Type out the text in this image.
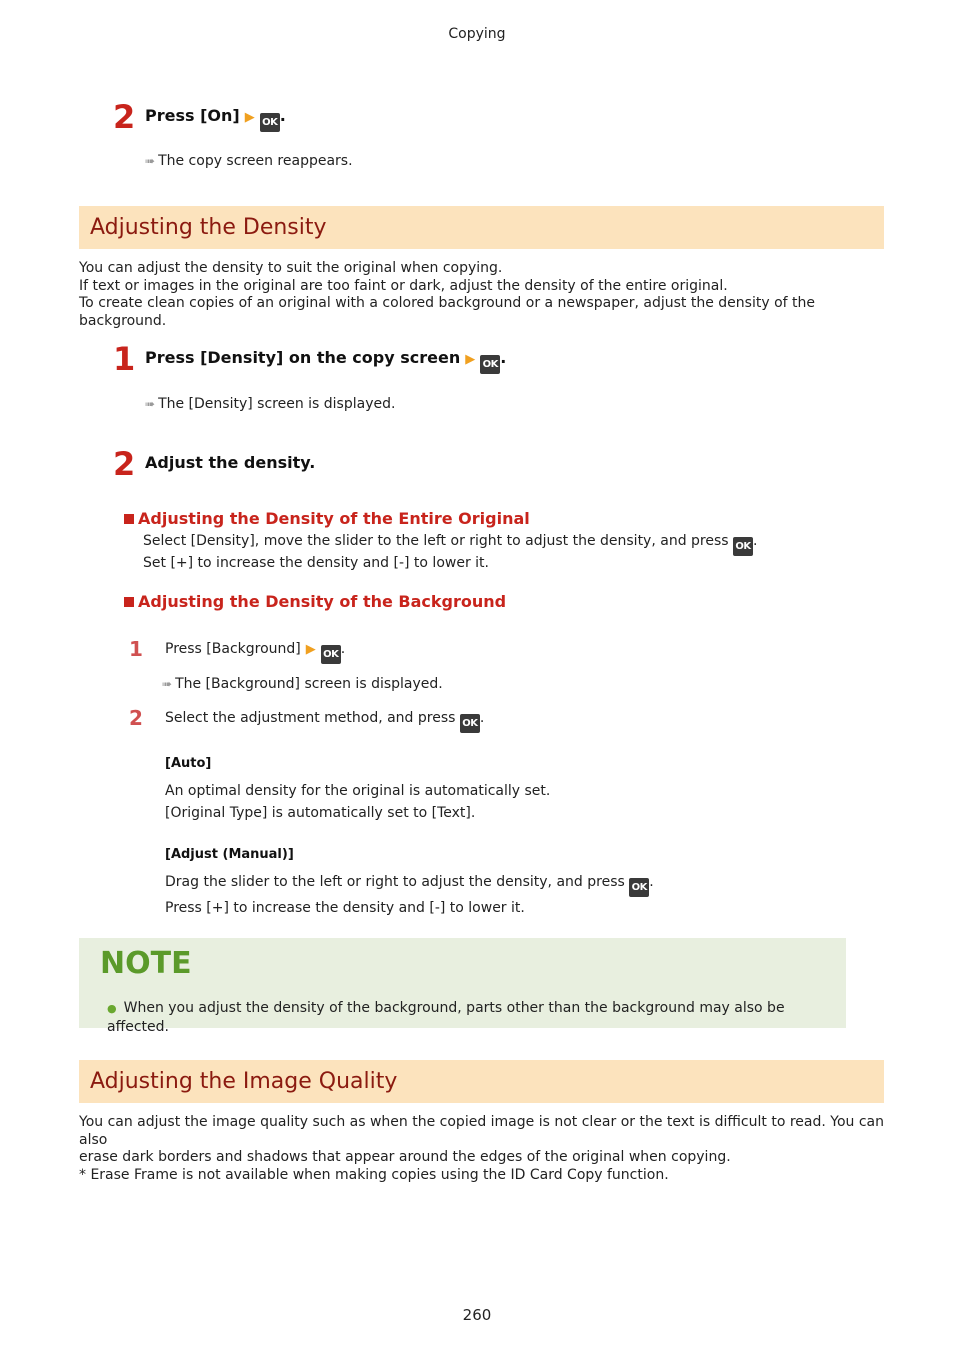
Copying
2 Press [On] ▶ OK .
➠ The copy screen reappears.
Adjusting the Density
You can adjust the density to suit the original when copying.
If text or images in the original are too faint or dark, adjust the density of the entire original.
To create clean copies of an original with a colored background or a newspaper, adjust the density of the background.
1 Press [Density] on the copy screen ▶ OK .
➠ The [Density] screen is displayed.
2 Adjust the density.
Adjusting the Density of the Entire Original
Select [Density], move the slider to the left or right to adjust the density, and press OK .
Set [+] to increase the density and [-] to lower it.
Adjusting the Density of the Background
1 Press [Background] ▶ OK .
➠ The [Background] screen is displayed.
2 Select the adjustment method, and press OK .
[Auto]
An optimal density for the original is automatically set.
[Original Type] is automatically set to [Text].
[Adjust (Manual)]
Drag the slider to the left or right to adjust the density, and press OK .
Press [+] to increase the density and [-] to lower it.
NOTE
● When you adjust the density of the background, parts other than the background may also be affected.
Adjusting the Image Quality
You can adjust the image quality such as when the copied image is not clear or the text is difficult to read. You can also
erase dark borders and shadows that appear around the edges of the original when copying.
* Erase Frame is not available when making copies using the ID Card Copy function.
260
